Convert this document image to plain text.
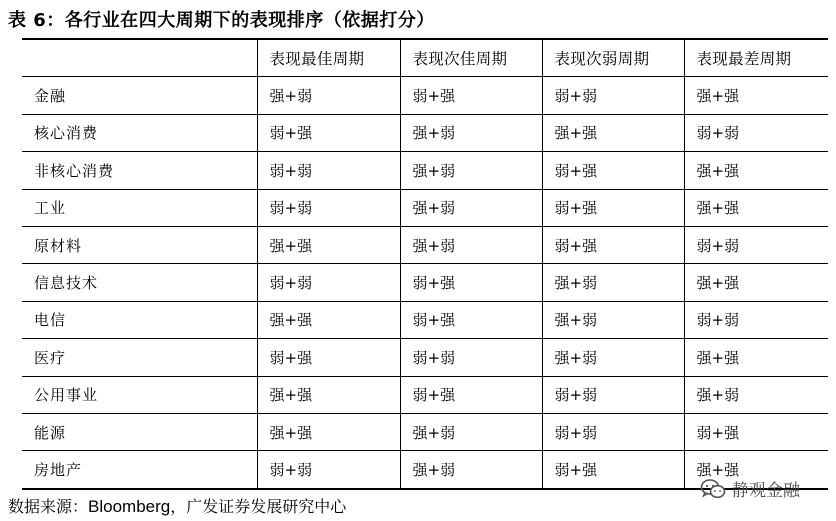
表 6：各行业在四大周期下的表现排序（依据打分）
	表现最佳周期	表现次佳周期	表现次弱周期	表现最差周期
金融	强+弱	弱+强	弱+弱	强+强
核心消费	弱+强	强+弱	强+强	弱+弱
非核心消费	弱+弱	强+弱	弱+强	强+强
工业	弱+弱	强+弱	弱+强	强+强
原材料	强+强	强+弱	弱+强	弱+弱
信息技术	弱+弱	弱+强	强+弱	强+强
电信	强+强	弱+强	强+弱	弱+弱
医疗	弱+强	弱+弱	强+弱	强+强
公用事业	强+强	弱+强	弱+弱	强+弱
能源	强+强	强+弱	弱+弱	弱+强
房地产	弱+弱	强+弱	弱+强	强+强
数据来源：Bloomberg，广发证券发展研究中心
静观金融
